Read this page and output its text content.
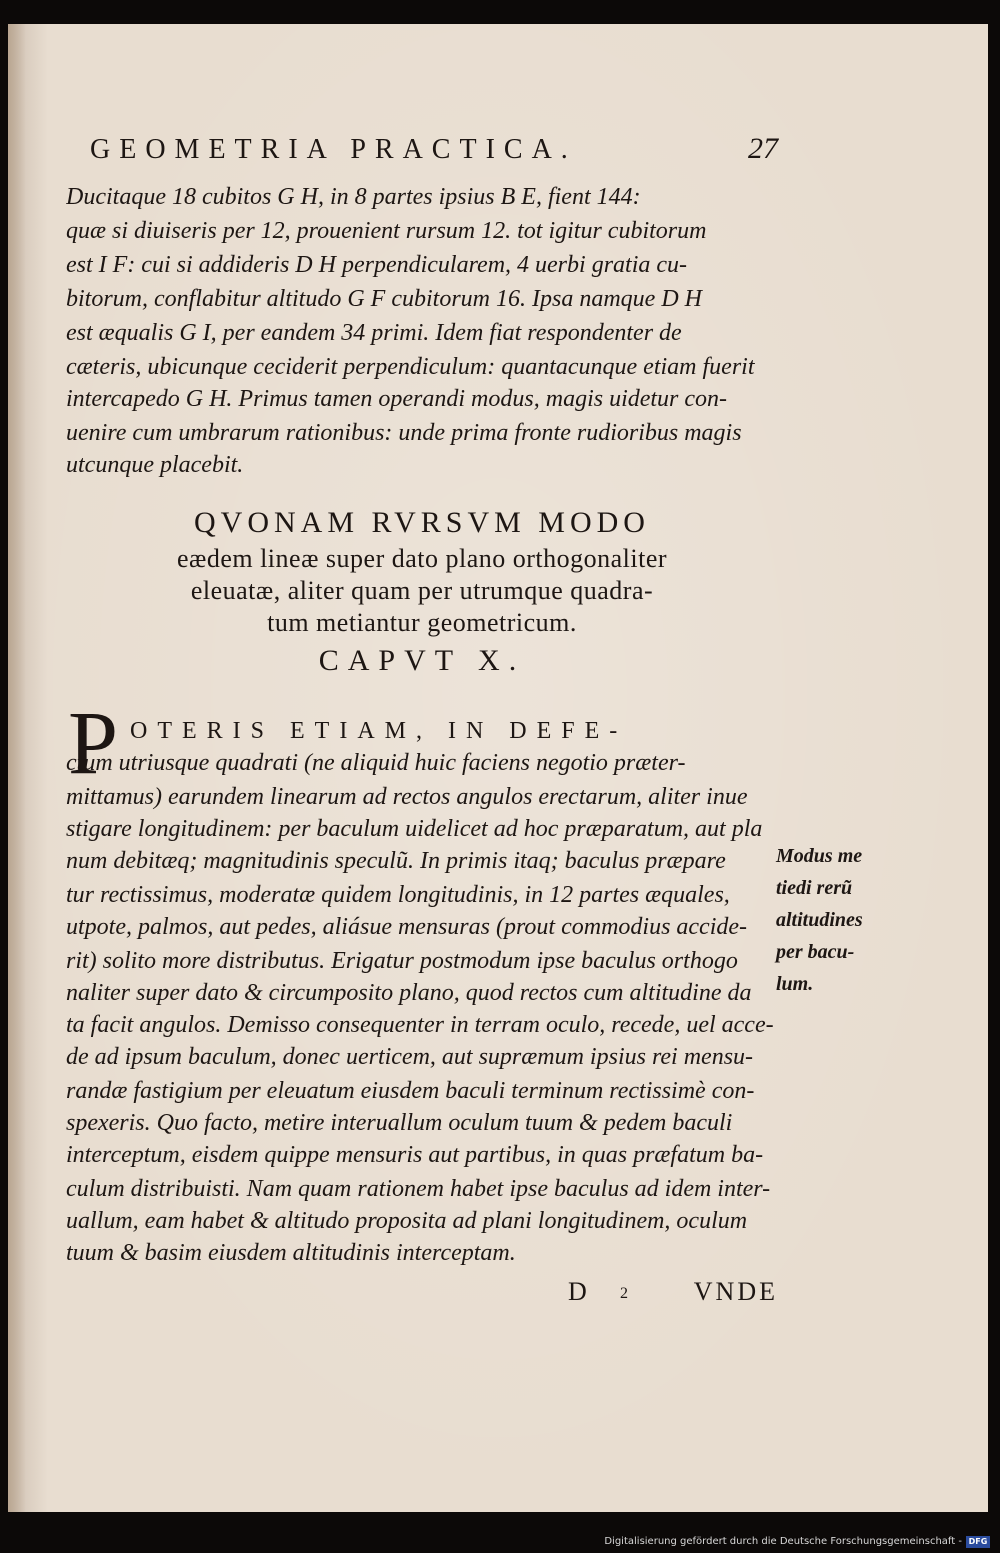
GEOMETRIA PRACTICA.	27
Ducitaque 18 cubitos G H, in 8 partes ipsius B E, fient 144:
quæ si diuiseris per 12, prouenient rursum 12. tot igitur cubitorum
est I F: cui si addideris D H perpendicularem, 4 uerbi gratia cu-
bitorum, conflabitur altitudo G F cubitorum 16. Ipsa namque D H
est æqualis G I, per eandem 34 primi. Idem fiat respondenter de
cæteris, ubicunque ceciderit perpendiculum: quantacunque etiam fuerit
intercapedo G H. Primus tamen operandi modus, magis uidetur con-
uenire cum umbrarum rationibus: unde prima fronte rudioribus magis
utcunque placebit.
QVONAM RVRSVM MODO
eædem lineæ super dato plano orthogonaliter
eleuatæ, aliter quam per utrumque quadra-
tum metiantur geometricum.
CAPVT X.
P OTERIS ETIAM, IN DEFE-
ctum utriusque quadrati (ne aliquid huic faciens negotio præter-
mittamus) earundem linearum ad rectos angulos erectarum, aliter inue
stigare longitudinem: per baculum uidelicet ad hoc præparatum, aut pla
num debitæq; magnitudinis speculũ. In primis itaq; baculus præpare
tur rectissimus, moderatæ quidem longitudinis, in 12 partes æquales,
utpote, palmos, aut pedes, aliásue mensuras (prout commodius accide-
rit) solito more distributus. Erigatur postmodum ipse baculus orthogo
naliter super dato & circumposito plano, quod rectos cum altitudine da
ta facit angulos. Demisso consequenter in terram oculo, recede, uel acce-
de ad ipsum baculum, donec uerticem, aut supræmum ipsius rei mensu-
randæ fastigium per eleuatum eiusdem baculi terminum rectissimè con-
spexeris. Quo facto, metire interuallum oculum tuum & pedem baculi
interceptum, eisdem quippe mensuris aut partibus, in quas præfatum ba-
culum distribuisti. Nam quam rationem habet ipse baculus ad idem inter-
uallum, eam habet & altitudo proposita ad plani longitudinem, oculum
tuum & basim eiusdem altitudinis interceptam.
Modus me
tiedi rerũ
altitudines
per bacu-
lum.
D 2 VNDE
Digitalisierung gefördert durch die Deutsche Forschungsgemeinschaft - DFG
